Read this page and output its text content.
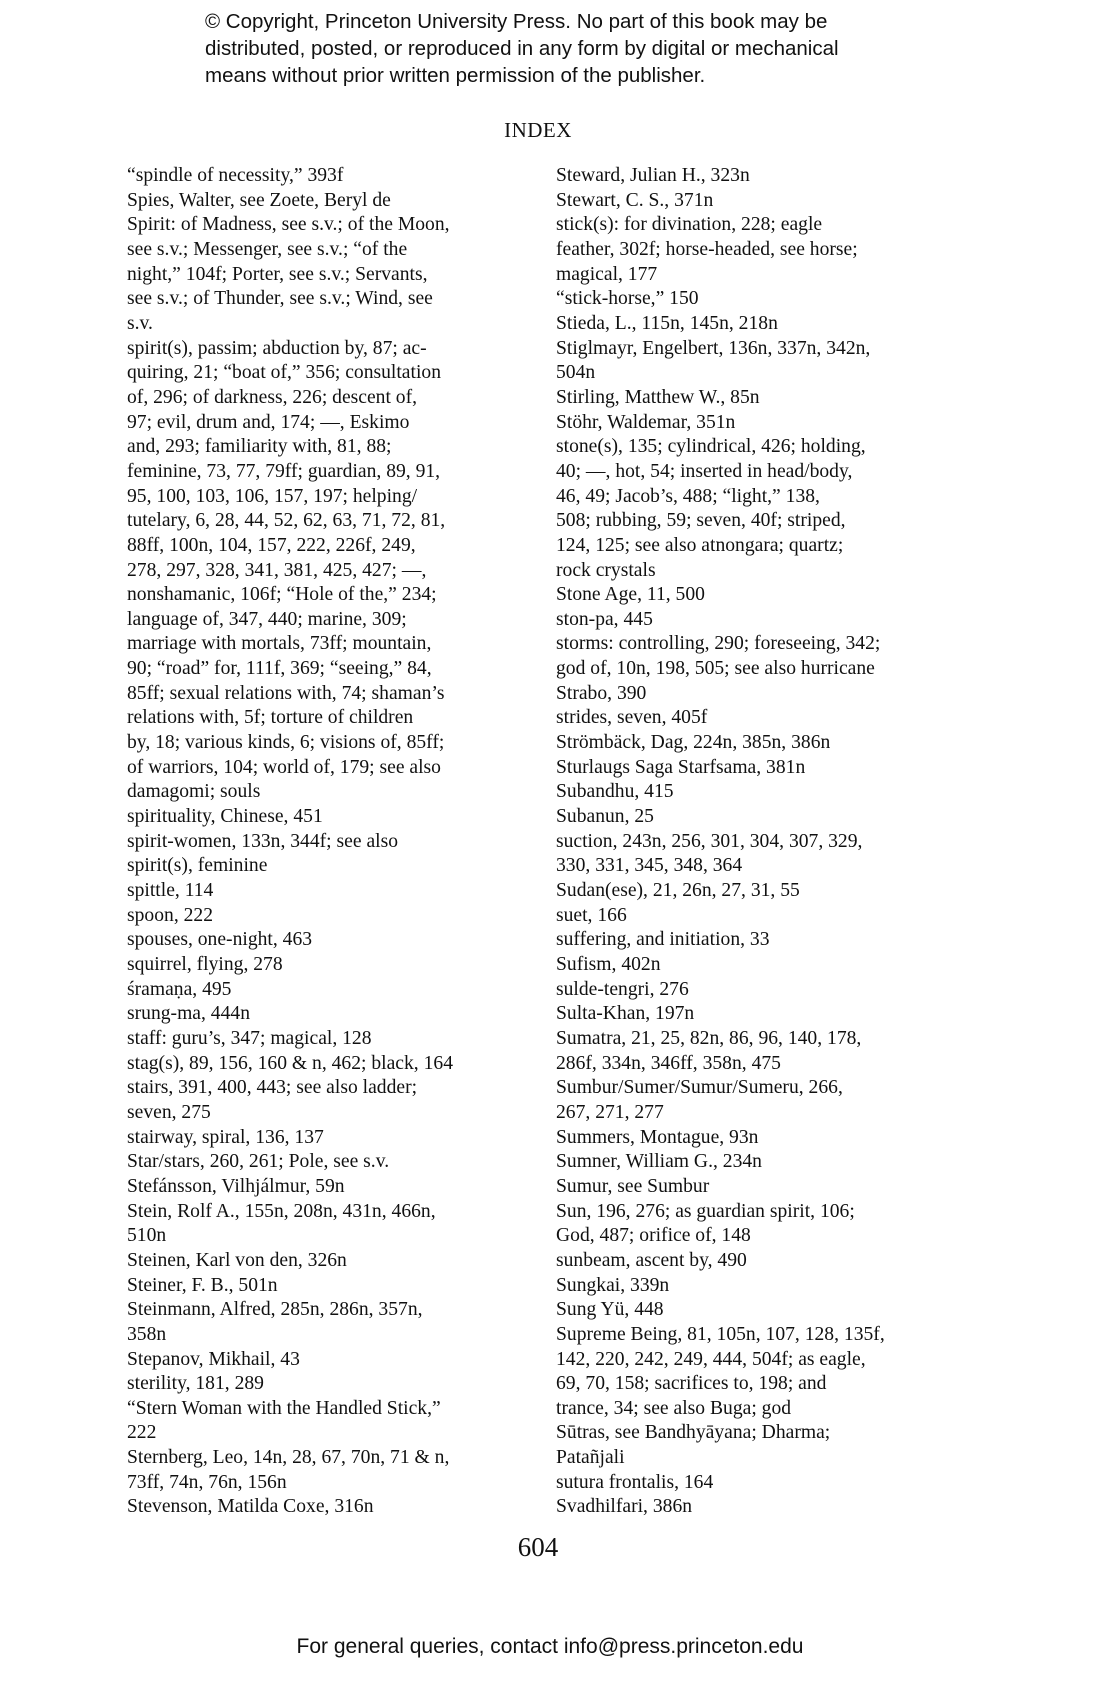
© Copyright, Princeton University Press. No part of this book may be
distributed, posted, or reproduced in any form by digital or mechanical
means without prior written permission of the publisher.
INDEX
“spindle of necessity,” 393f
Spies, Walter, see Zoete, Beryl de
Spirit: of Madness, see s.v.; of the Moon,
see s.v.; Messenger, see s.v.; “of the
night,” 104f; Porter, see s.v.; Servants,
see s.v.; of Thunder, see s.v.; Wind, see
s.v.
spirit(s), passim; abduction by, 87; ac-
quiring, 21; “boat of,” 356; consultation
of, 296; of darkness, 226; descent of,
97; evil, drum and, 174; —, Eskimo
and, 293; familiarity with, 81, 88;
feminine, 73, 77, 79ff; guardian, 89, 91,
95, 100, 103, 106, 157, 197; helping/
tutelary, 6, 28, 44, 52, 62, 63, 71, 72, 81,
88ff, 100n, 104, 157, 222, 226f, 249,
278, 297, 328, 341, 381, 425, 427; —,
nonshamanic, 106f; “Hole of the,” 234;
language of, 347, 440; marine, 309;
marriage with mortals, 73ff; mountain,
90; “road” for, 111f, 369; “seeing,” 84,
85ff; sexual relations with, 74; shaman’s
relations with, 5f; torture of children
by, 18; various kinds, 6; visions of, 85ff;
of warriors, 104; world of, 179; see also
damagomi; souls
spirituality, Chinese, 451
spirit-women, 133n, 344f; see also
spirit(s), feminine
spittle, 114
spoon, 222
spouses, one-night, 463
squirrel, flying, 278
śramaṇa, 495
srung-ma, 444n
staff: guru’s, 347; magical, 128
stag(s), 89, 156, 160 & n, 462; black, 164
stairs, 391, 400, 443; see also ladder;
seven, 275
stairway, spiral, 136, 137
Star/stars, 260, 261; Pole, see s.v.
Stefánsson, Vilhjálmur, 59n
Stein, Rolf A., 155n, 208n, 431n, 466n,
510n
Steinen, Karl von den, 326n
Steiner, F. B., 501n
Steinmann, Alfred, 285n, 286n, 357n,
358n
Stepanov, Mikhail, 43
sterility, 181, 289
“Stern Woman with the Handled Stick,”
222
Sternberg, Leo, 14n, 28, 67, 70n, 71 & n,
73ff, 74n, 76n, 156n
Stevenson, Matilda Coxe, 316n
Steward, Julian H., 323n
Stewart, C. S., 371n
stick(s): for divination, 228; eagle
feather, 302f; horse-headed, see horse;
magical, 177
“stick-horse,” 150
Stieda, L., 115n, 145n, 218n
Stiglmayr, Engelbert, 136n, 337n, 342n,
504n
Stirling, Matthew W., 85n
Stöhr, Waldemar, 351n
stone(s), 135; cylindrical, 426; holding,
40; —, hot, 54; inserted in head/body,
46, 49; Jacob’s, 488; “light,” 138,
508; rubbing, 59; seven, 40f; striped,
124, 125; see also atnongara; quartz;
rock crystals
Stone Age, 11, 500
ston-pa, 445
storms: controlling, 290; foreseeing, 342;
god of, 10n, 198, 505; see also hurricane
Strabo, 390
strides, seven, 405f
Strömbäck, Dag, 224n, 385n, 386n
Sturlaugs Saga Starfsama, 381n
Subandhu, 415
Subanun, 25
suction, 243n, 256, 301, 304, 307, 329,
330, 331, 345, 348, 364
Sudan(ese), 21, 26n, 27, 31, 55
suet, 166
suffering, and initiation, 33
Sufism, 402n
sulde-tengri, 276
Sulta-Khan, 197n
Sumatra, 21, 25, 82n, 86, 96, 140, 178,
286f, 334n, 346ff, 358n, 475
Sumbur/Sumer/Sumur/Sumeru, 266,
267, 271, 277
Summers, Montague, 93n
Sumner, William G., 234n
Sumur, see Sumbur
Sun, 196, 276; as guardian spirit, 106;
God, 487; orifice of, 148
sunbeam, ascent by, 490
Sungkai, 339n
Sung Yü, 448
Supreme Being, 81, 105n, 107, 128, 135f,
142, 220, 242, 249, 444, 504f; as eagle,
69, 70, 158; sacrifices to, 198; and
trance, 34; see also Buga; god
Sūtras, see Bandhyāyana; Dharma;
Patañjali
sutura frontalis, 164
Svadhilfari, 386n
604
For general queries, contact info@press.princeton.edu
